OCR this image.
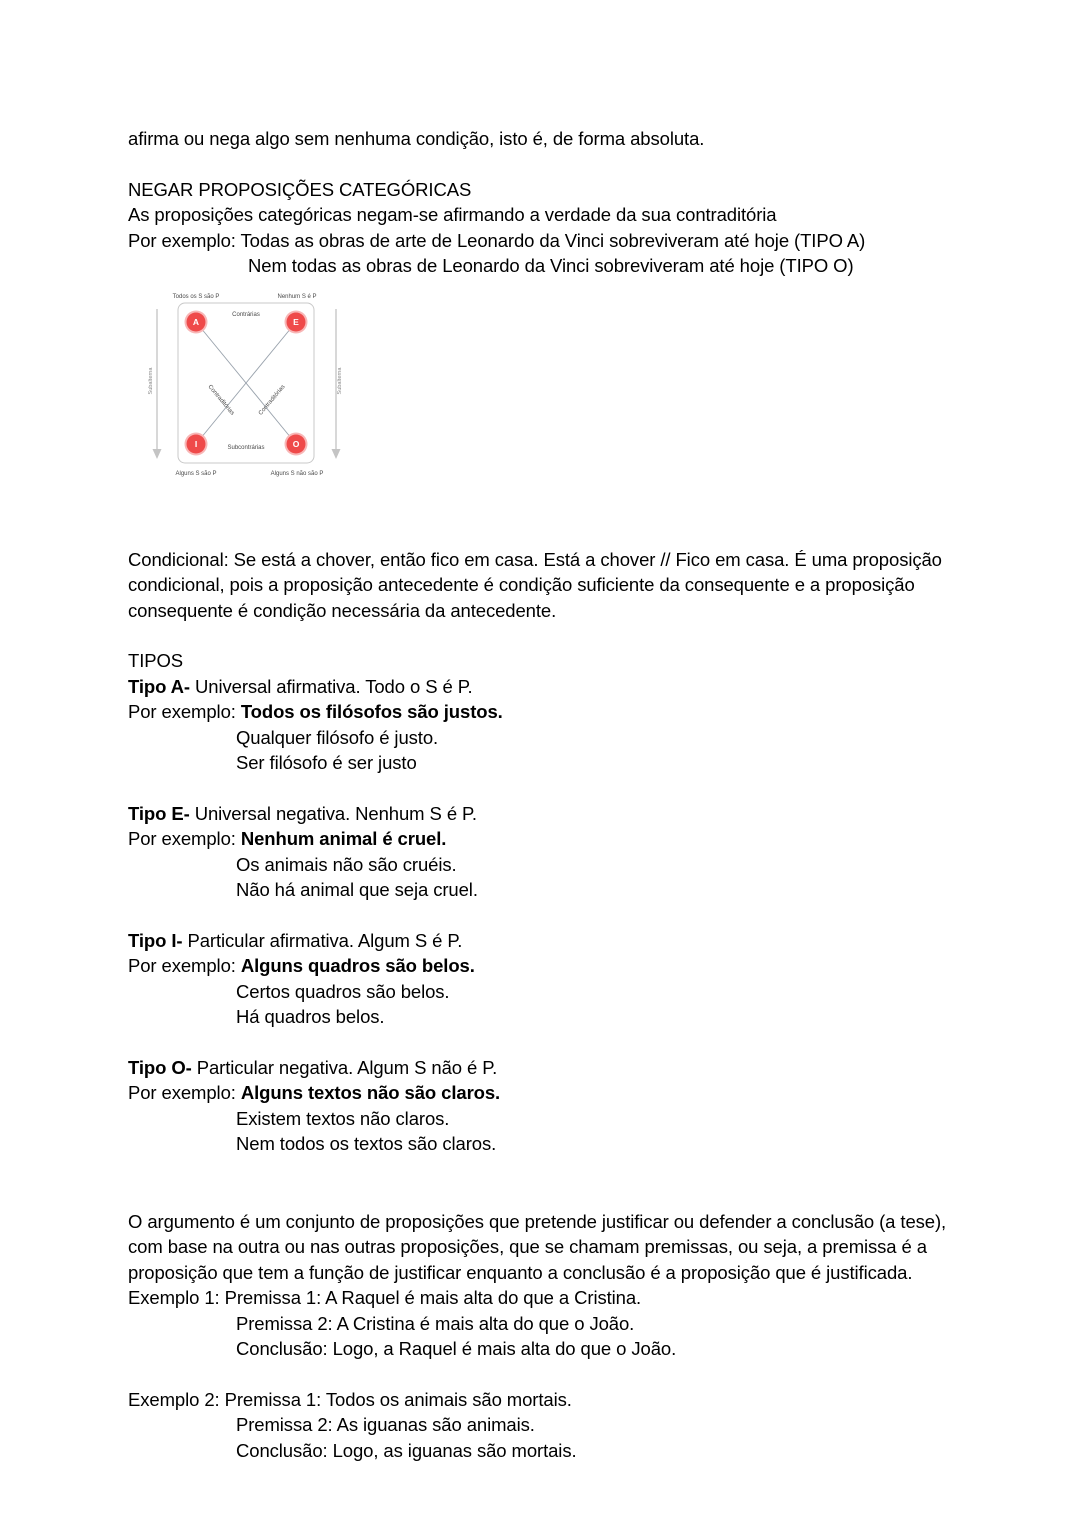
afirma ou nega algo sem nenhuma condição, isto é, de forma absoluta.
NEGAR PROPOSIÇÕES CATEGÓRICAS
As proposições categóricas negam-se afirmando a verdade da sua contraditória
Por exemplo: Todas as obras de arte de Leonardo da Vinci sobreviveram até hoje (TIPO A)
Nem todas as obras de Leonardo da Vinci sobreviveram até hoje (TIPO O)
A	E
I	O
Todos os S são P	Nenhum S é P
Alguns S são P	Alguns S não são P
Contrárias
Subcontrárias
Contraditórias	Contraditórias
Subalterna	Subalterna
Condicional: Se está a chover, então fico em casa. Está a chover // Fico em casa. É uma proposição condicional, pois a proposição antecedente é condição suficiente da consequente e a proposição consequente é condição necessária da antecedente.
TIPOS
Tipo A- Universal afirmativa. Todo o S é P.
Por exemplo: Todos os filósofos são justos.
Qualquer filósofo é justo.
Ser filósofo é ser justo
Tipo E- Universal negativa. Nenhum S é P.
Por exemplo: Nenhum animal é cruel.
Os animais não são cruéis.
Não há animal que seja cruel.
Tipo I- Particular afirmativa. Algum S é P.
Por exemplo: Alguns quadros são belos.
Certos quadros são belos.
Há quadros belos.
Tipo O- Particular negativa. Algum S não é P.
Por exemplo: Alguns textos não são claros.
Existem textos não claros.
Nem todos os textos são claros.
O argumento é um conjunto de proposições que pretende justificar ou defender a conclusão (a tese), com base na outra ou nas outras proposições, que se chamam premissas, ou seja, a premissa é a proposição que tem a função de justificar enquanto a conclusão é a proposição que é justificada.
Exemplo 1: Premissa 1: A Raquel é mais alta do que a Cristina.
Premissa 2: A Cristina é mais alta do que o João.
Conclusão: Logo, a Raquel é mais alta do que o João.
Exemplo 2: Premissa 1: Todos os animais são mortais.
Premissa 2: As iguanas são animais.
Conclusão: Logo, as iguanas são mortais.
